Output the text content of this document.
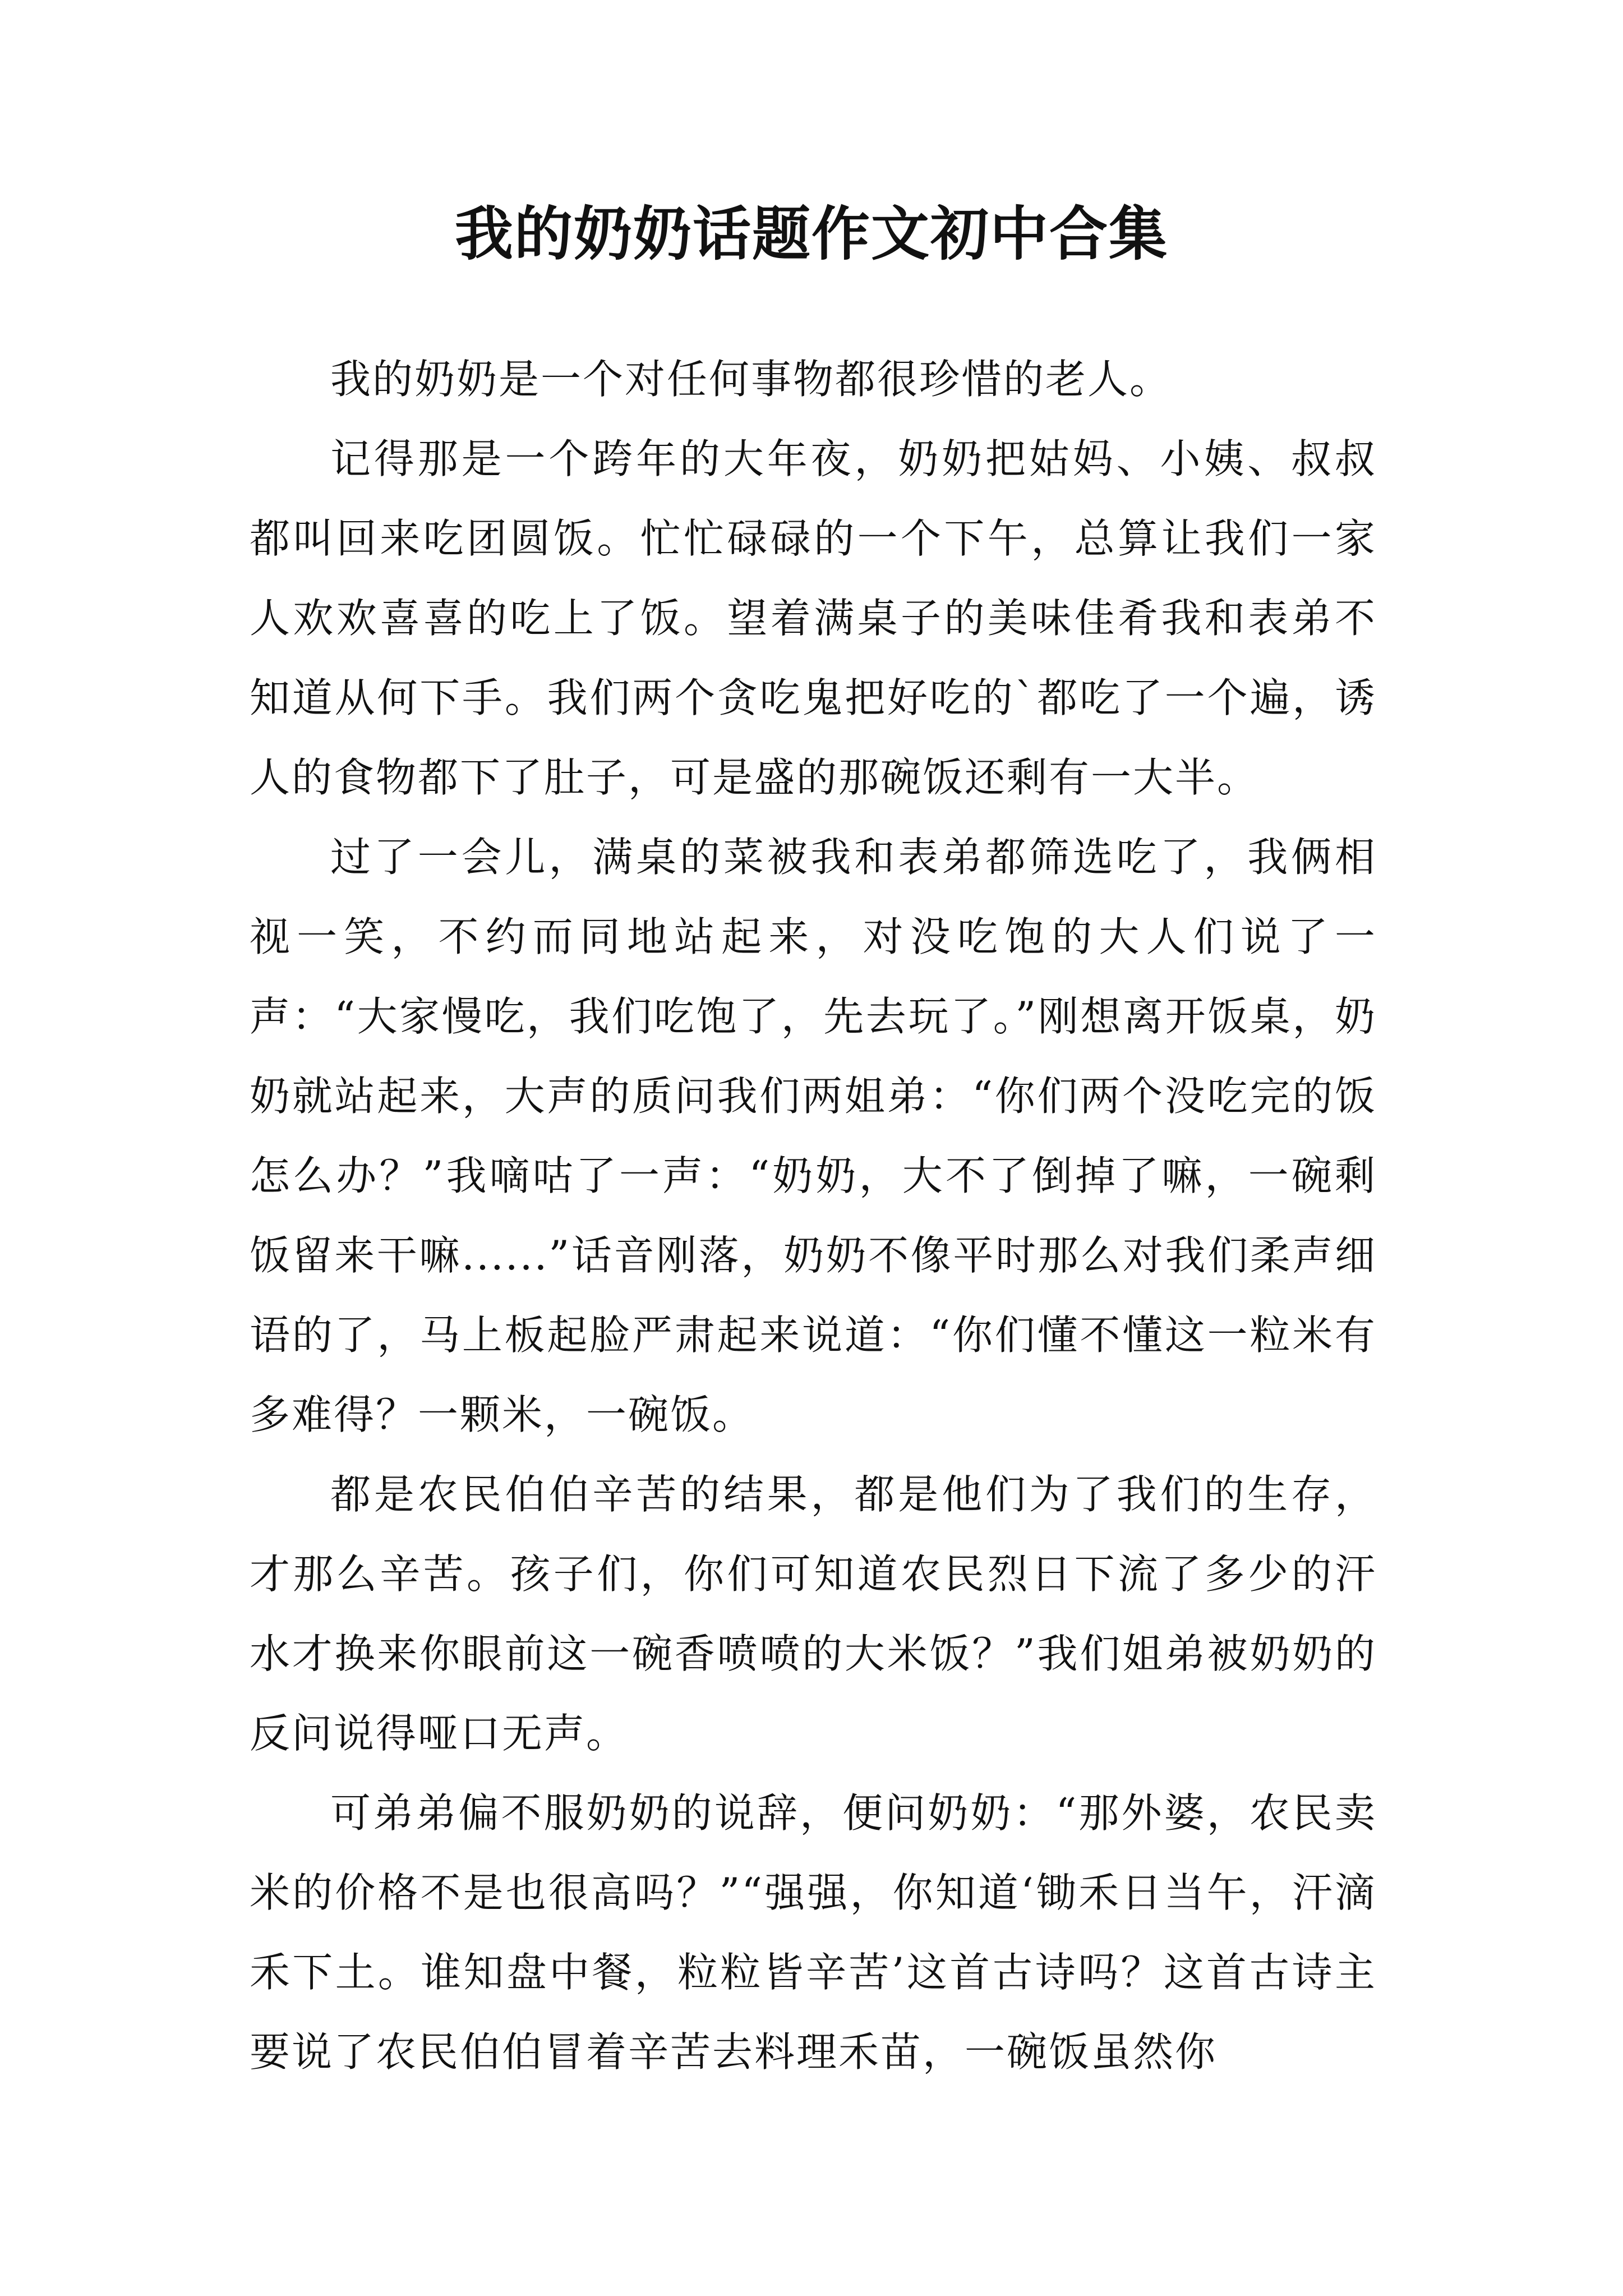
我的奶奶话题作文初中合集

我的奶奶是一个对任何事物都很珍惜的老人。

记得那是一个跨年的大年夜，奶奶把姑妈、小姨、叔叔都叫回来吃团圆饭。忙忙碌碌的一个下午，总算让我们一家人欢欢喜喜的吃上了饭。望着满桌子的美味佳肴我和表弟不知道从何下手。我们两个贪吃鬼把好吃的`都吃了一个遍，诱人的食物都下了肚子，可是盛的那碗饭还剩有一大半。

过了一会儿，满桌的菜被我和表弟都筛选吃了，我俩相视一笑，不约而同地站起来，对没吃饱的大人们说了一声：“大家慢吃，我们吃饱了，先去玩了。”刚想离开饭桌，奶奶就站起来，大声的质问我们两姐弟：“你们两个没吃完的饭怎么办？”我嘀咕了一声：“奶奶，大不了倒掉了嘛，一碗剩饭留来干嘛......”话音刚落，奶奶不像平时那么对我们柔声细语的了，马上板起脸严肃起来说道：“你们懂不懂这一粒米有多难得？一颗米，一碗饭。

都是农民伯伯辛苦的结果，都是他们为了我们的生存，才那么辛苦。孩子们，你们可知道农民烈日下流了多少的汗水才换来你眼前这一碗香喷喷的大米饭？”我们姐弟被奶奶的反问说得哑口无声。

可弟弟偏不服奶奶的说辞，便问奶奶：“那外婆，农民卖米的价格不是也很高吗？”“强强，你知道‘锄禾日当午，汗滴禾下土。谁知盘中餐，粒粒皆辛苦’这首古诗吗？这首古诗主要说了农民伯伯冒着辛苦去料理禾苗，一碗饭虽然你
